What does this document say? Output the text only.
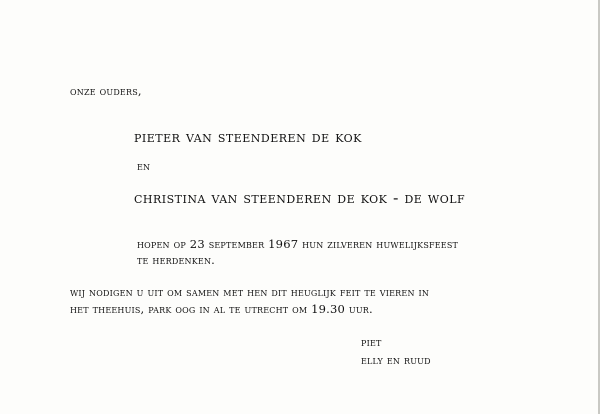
onze ouders,
pieter van steenderen de kok
en
christina van steenderen de kok - de wolf
hopen op 23 september 1967 hun zilveren huwelijksfeest
te herdenken.
wij nodigen u uit om samen met hen dit heuglijk feit te vieren in
het theehuis, park oog in al te utrecht om 19.30 uur.
piet
elly en ruud
